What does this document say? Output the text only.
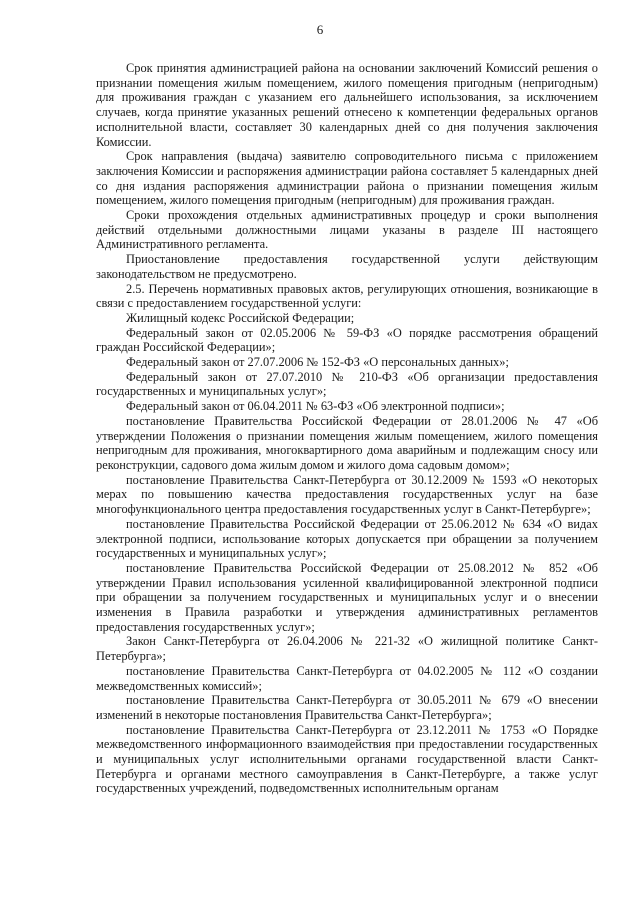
6

Срок принятия администрацией района на основании заключений Комиссий решения о признании помещения жилым помещением, жилого помещения пригодным (непригодным) для проживания граждан с указанием его дальнейшего использования, за исключением случаев, когда принятие указанных решений отнесено к компетенции федеральных органов исполнительной власти, составляет 30 календарных дней со дня получения заключения Комиссии.

Срок направления (выдача) заявителю сопроводительного письма с приложением заключения Комиссии и распоряжения администрации района составляет 5 календарных дней со дня издания распоряжения администрации района о признании помещения жилым помещением, жилого помещения пригодным (непригодным) для проживания граждан.

Сроки прохождения отдельных административных процедур и сроки выполнения действий отдельными должностными лицами указаны в разделе III настоящего Административного регламента.

Приостановление предоставления государственной услуги действующим законодательством не предусмотрено.

2.5. Перечень нормативных правовых актов, регулирующих отношения, возникающие в связи с предоставлением государственной услуги:

Жилищный кодекс Российской Федерации;

Федеральный закон от 02.05.2006 № 59-ФЗ «О порядке рассмотрения обращений граждан Российской Федерации»;

Федеральный закон от 27.07.2006 № 152-ФЗ «О персональных данных»;

Федеральный закон от 27.07.2010 № 210-ФЗ «Об организации предоставления государственных и муниципальных услуг»;

Федеральный закон от 06.04.2011 № 63-ФЗ «Об электронной подписи»;

постановление Правительства Российской Федерации от 28.01.2006 № 47 «Об утверждении Положения о признании помещения жилым помещением, жилого помещения непригодным для проживания, многоквартирного дома аварийным и подлежащим сносу или реконструкции, садового дома жилым домом и жилого дома садовым домом»;

постановление Правительства Санкт-Петербурга от 30.12.2009 № 1593 «О некоторых мерах по повышению качества предоставления государственных услуг на базе многофункционального центра предоставления государственных услуг в Санкт-Петербурге»;

постановление Правительства Российской Федерации от 25.06.2012 № 634 «О видах электронной подписи, использование которых допускается при обращении за получением государственных и муниципальных услуг»;

постановление Правительства Российской Федерации от 25.08.2012 № 852 «Об утверждении Правил использования усиленной квалифицированной электронной подписи при обращении за получением государственных и муниципальных услуг и о внесении изменения в Правила разработки и утверждения административных регламентов предоставления государственных услуг»;

Закон Санкт-Петербурга от 26.04.2006 № 221-32 «О жилищной политике Санкт-Петербурга»;

постановление Правительства Санкт-Петербурга от 04.02.2005 № 112 «О создании межведомственных комиссий»;

постановление Правительства Санкт-Петербурга от 30.05.2011 № 679 «О внесении изменений в некоторые постановления Правительства Санкт-Петербурга»;

постановление Правительства Санкт-Петербурга от 23.12.2011 № 1753 «О Порядке межведомственного информационного взаимодействия при предоставлении государственных и муниципальных услуг исполнительными органами государственной власти Санкт-Петербурга и органами местного самоуправления в Санкт-Петербурге, а также услуг государственных учреждений, подведомственных исполнительным органам
